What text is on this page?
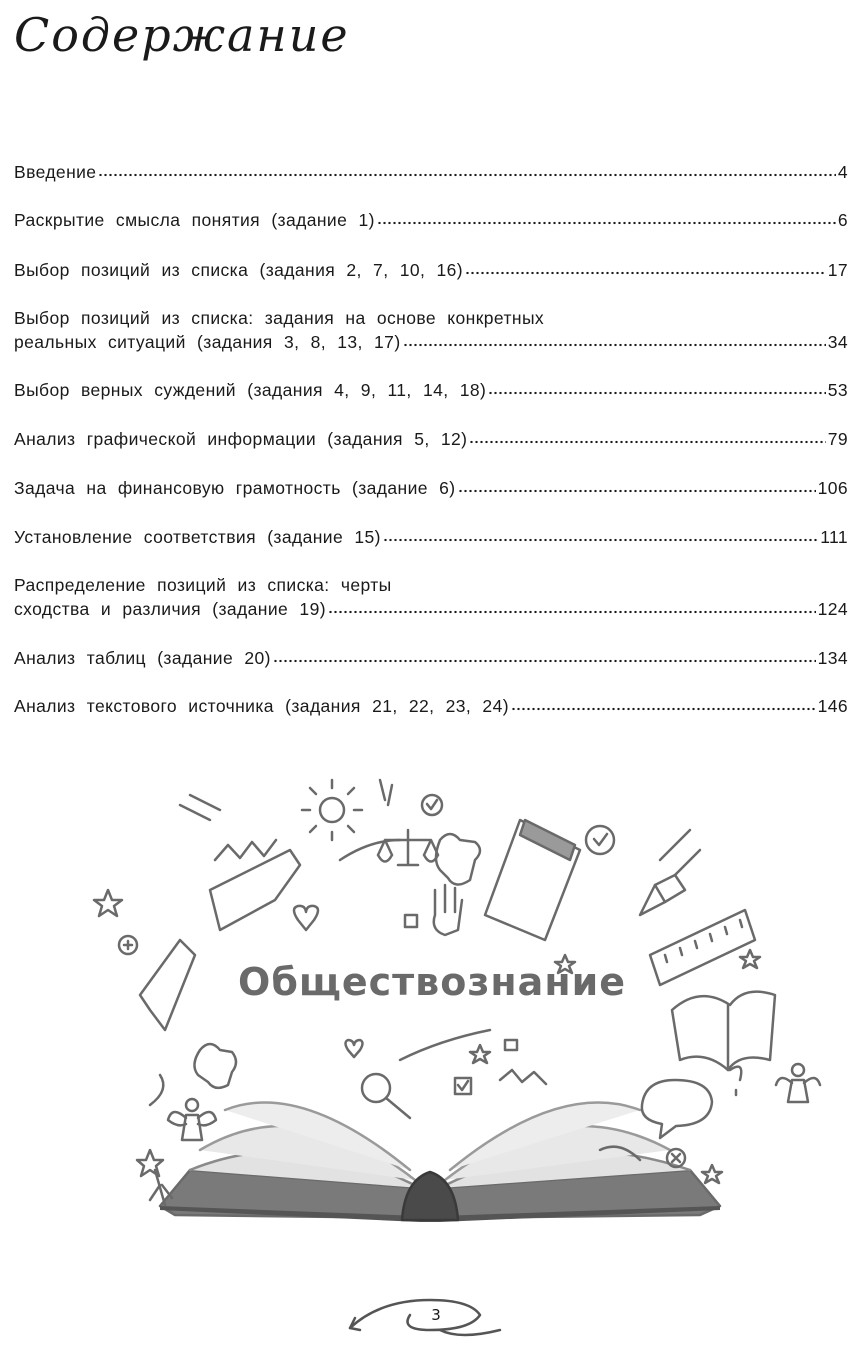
Содержание
Введение	4
Раскрытие смысла понятия (задание 1)	6
Выбор позиций из списка (задания 2, 7, 10, 16)	17
Выбор позиций из списка: задания на основе конкретных
реальных ситуаций (задания 3, 8, 13, 17)	34
Выбор верных суждений (задания 4, 9, 11, 14, 18)	53
Анализ графической информации (задания 5, 12)	79
Задача на финансовую грамотность (задание 6)	106
Установление соответствия (задание 15)	111
Распределение позиций из списка: черты
сходства и различия (задание 19)	124
Анализ таблиц (задание 20)	134
Анализ текстового источника (задания 21, 22, 23, 24)	146
Обществознание
3
